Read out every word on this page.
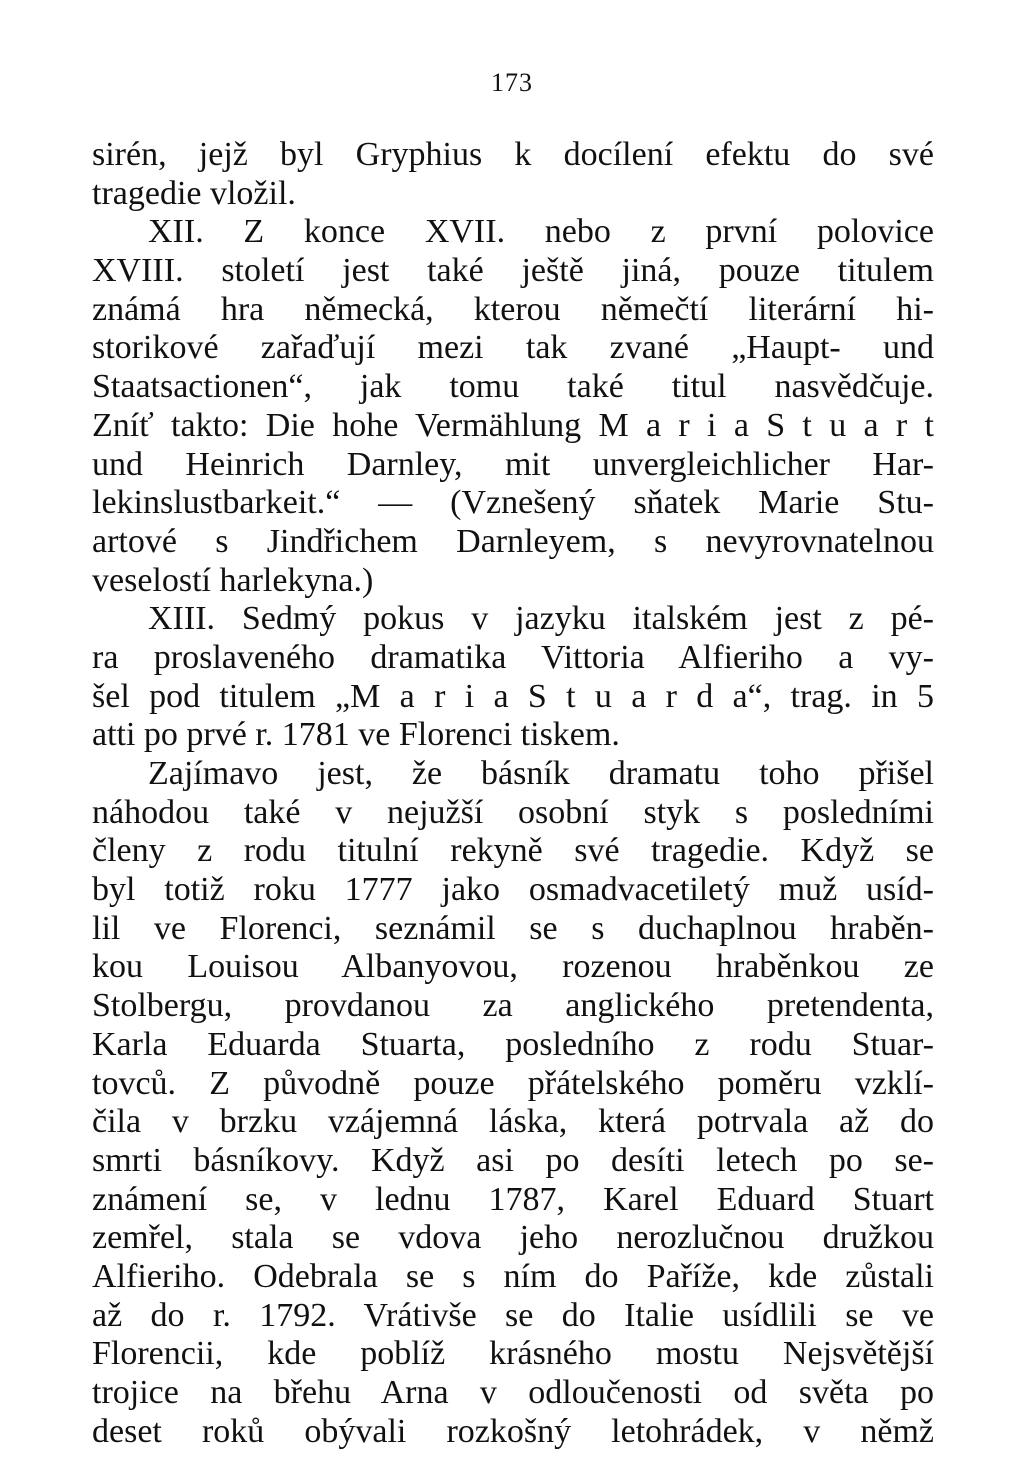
173
sirén, jejž byl Gryphius k docílení efektu do své
tragedie vložil.
XII. Z konce XVII. nebo z první polovice
XVIII. století jest také ještě jiná, pouze titulem
známá hra německá, kterou němečtí literární hi-
storikové zařaďují mezi tak zvané „Haupt- und
Staatsactionen“, jak tomu také titul nasvědčuje.
Zníť takto: Die hohe Vermählung M a r i a S t u a r t
und Heinrich Darnley, mit unvergleichlicher Har-
lekinslustbarkeit.“ — (Vznešený sňatek Marie Stu-
artové s Jindřichem Darnleyem, s nevyrovnatelnou
veselostí harlekyna.)
XIII. Sedmý pokus v jazyku italském jest z pé-
ra proslaveného dramatika Vittoria Alfieriho a vy-
šel pod titulem „M a r i a S t u a r d a“, trag. in 5
atti po prvé r. 1781 ve Florenci tiskem.
Zajímavo jest, že básník dramatu toho přišel
náhodou také v nejužší osobní styk s posledními
členy z rodu titulní rekyně své tragedie. Když se
byl totiž roku 1777 jako osmadvacetiletý muž usíd-
lil ve Florenci, seznámil se s duchaplnou hraběn-
kou Louisou Albanyovou, rozenou hraběnkou ze
Stolbergu, provdanou za anglického pretendenta,
Karla Eduarda Stuarta, posledního z rodu Stuar-
tovců. Z původně pouze přátelského poměru vzklí-
čila v brzku vzájemná láska, která potrvala až do
smrti básníkovy. Když asi po desíti letech po se-
známení se, v lednu 1787, Karel Eduard Stuart
zemřel, stala se vdova jeho nerozlučnou družkou
Alfieriho. Odebrala se s ním do Paříže, kde zůstali
až do r. 1792. Vrátivše se do Italie usídlili se ve
Florencii, kde poblíž krásného mostu Nejsvětější
trojice na břehu Arna v odloučenosti od světa po
deset roků obývali rozkošný letohrádek, v němž
